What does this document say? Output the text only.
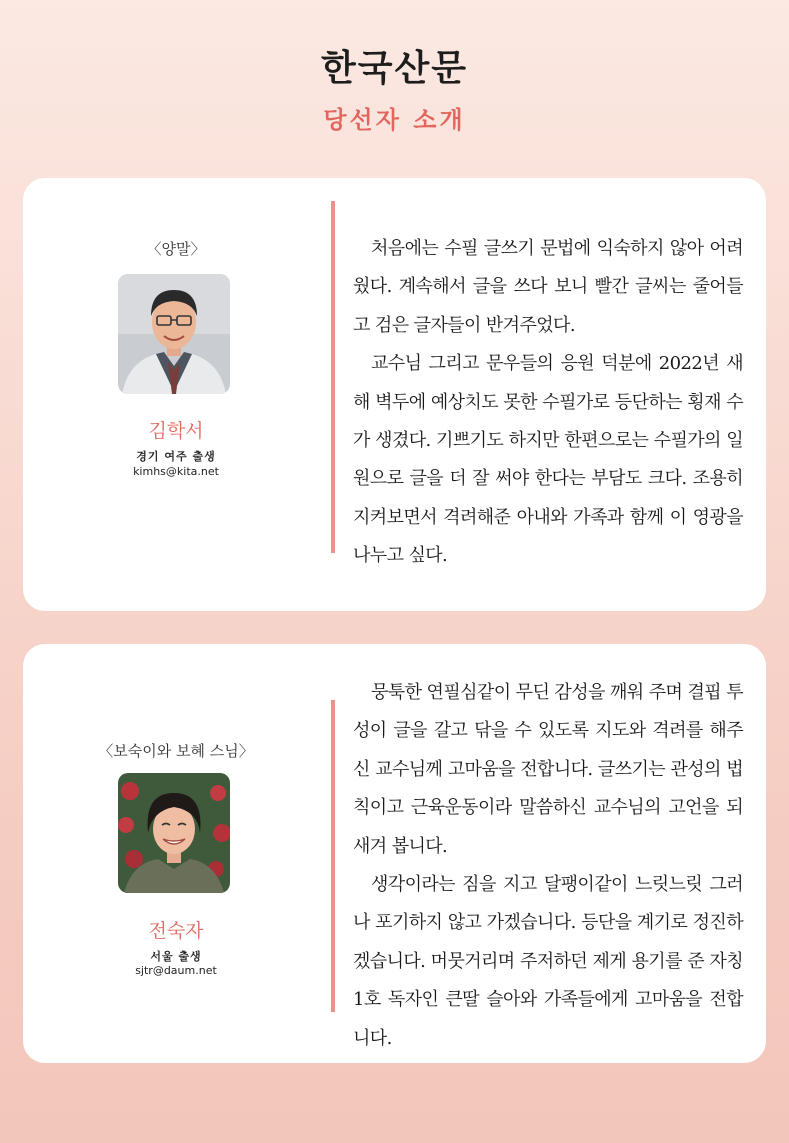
한국산문
당선자 소개
〈양말〉
김학서
경기 여주 출생
kimhs@kita.net

처음에는 수필 글쓰기 문법에 익숙하지 않아 어려웠다. 계속해서 글을 쓰다 보니 빨간 글씨는 줄어들고 검은 글자들이 반겨주었다.

교수님 그리고 문우들의 응원 덕분에 2022년 새해 벽두에 예상치도 못한 수필가로 등단하는 횡재 수가 생겼다. 기쁘기도 하지만 한편으로는 수필가의 일원으로 글을 더 잘 써야 한다는 부담도 크다. 조용히 지켜보면서 격려해준 아내와 가족과 함께 이 영광을 나누고 싶다.

〈보숙이와 보혜 스님〉
전숙자
서울 출생
sjtr@daum.net

뭉툭한 연필심같이 무딘 감성을 깨워 주며 결핍 투성이 글을 갈고 닦을 수 있도록 지도와 격려를 해주신 교수님께 고마움을 전합니다. 글쓰기는 관성의 법칙이고 근육운동이라 말씀하신 교수님의 고언을 되새겨 봅니다.

생각이라는 짐을 지고 달팽이같이 느릿느릿 그러나 포기하지 않고 가겠습니다. 등단을 계기로 정진하겠습니다. 머뭇거리며 주저하던 제게 용기를 준 자칭 1호 독자인 큰딸 슬아와 가족들에게 고마움을 전합니다.
